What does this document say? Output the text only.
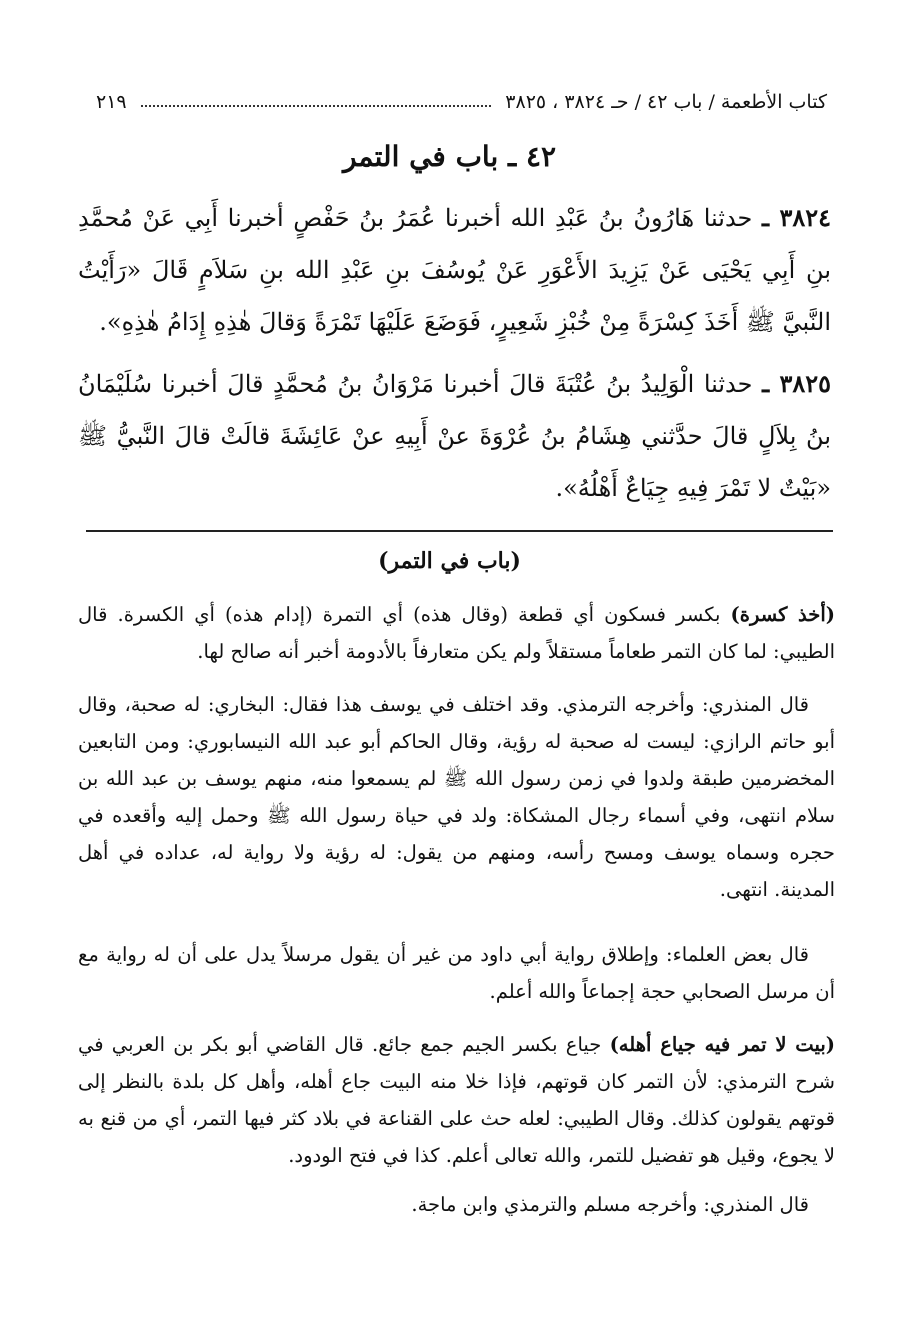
كتاب الأطعمة / باب ٤٢ / حـ ٣٨٢٤ ، ٣٨٢٥
٢١٩
٤٢ ـ باب في التمر
٣٨٢٤ ـ حدثنا هَارُونُ بنُ عَبْدِ الله أخبرنا عُمَرُ بنُ حَفْصٍ أخبرنا أَبِي عَنْ مُحمَّدِ بنِ أَبِي يَحْيَى عَنْ يَزِيدَ الأَعْوَرِ عَنْ يُوسُفَ بنِ عَبْدِ الله بنِ سَلاَمٍ قَالَ «رَأَيْتُ النَّبيَّ ﷺ أَخَذَ كِسْرَةً مِنْ خُبْزِ شَعِيرٍ، فَوَضَعَ عَلَيْهَا تَمْرَةً وَقالَ هٰذِهِ إِدَامُ هٰذِهِ».
٣٨٢٥ ـ حدثنا الْوَلِيدُ بنُ عُتْبَةَ قالَ أخبرنا مَرْوَانُ بنُ مُحمَّدٍ قالَ أخبرنا سُلَيْمَانُ بنُ بِلاَلٍ قالَ حدَّثني هِشَامُ بنُ عُرْوَةَ عنْ أَبِيهِ عنْ عَائِشَةَ قالَتْ قالَ النَّبيُّ ﷺ «بَيْتٌ لا تَمْرَ فِيهِ جِيَاعٌ أَهْلُهُ».
(باب في التمر)
(أخذ كسرة) بكسر فسكون أي قطعة (وقال هذه) أي التمرة (إدام هذه) أي الكسرة. قال الطيبي: لما كان التمر طعاماً مستقلاً ولم يكن متعارفاً بالأدومة أخبر أنه صالح لها.
قال المنذري: وأخرجه الترمذي. وقد اختلف في يوسف هذا فقال: البخاري: له صحبة، وقال أبو حاتم الرازي: ليست له صحبة له رؤية، وقال الحاكم أبو عبد الله النيسابوري: ومن التابعين المخضرمين طبقة ولدوا في زمن رسول الله ﷺ لم يسمعوا منه، منهم يوسف بن عبد الله بن سلام انتهى، وفي أسماء رجال المشكاة: ولد في حياة رسول الله ﷺ وحمل إليه وأقعده في حجره وسماه يوسف ومسح رأسه، ومنهم من يقول: له رؤية ولا رواية له، عداده في أهل المدينة. انتهى.
قال بعض العلماء: وإطلاق رواية أبي داود من غير أن يقول مرسلاً يدل على أن له رواية مع أن مرسل الصحابي حجة إجماعاً والله أعلم.
(بيت لا تمر فيه جياع أهله) جياع بكسر الجيم جمع جائع. قال القاضي أبو بكر بن العربي في شرح الترمذي: لأن التمر كان قوتهم، فإذا خلا منه البيت جاع أهله، وأهل كل بلدة بالنظر إلى قوتهم يقولون كذلك. وقال الطيبي: لعله حث على القناعة في بلاد كثر فيها التمر، أي من قنع به لا يجوع، وقيل هو تفضيل للتمر، والله تعالى أعلم. كذا في فتح الودود.
قال المنذري: وأخرجه مسلم والترمذي وابن ماجة.
